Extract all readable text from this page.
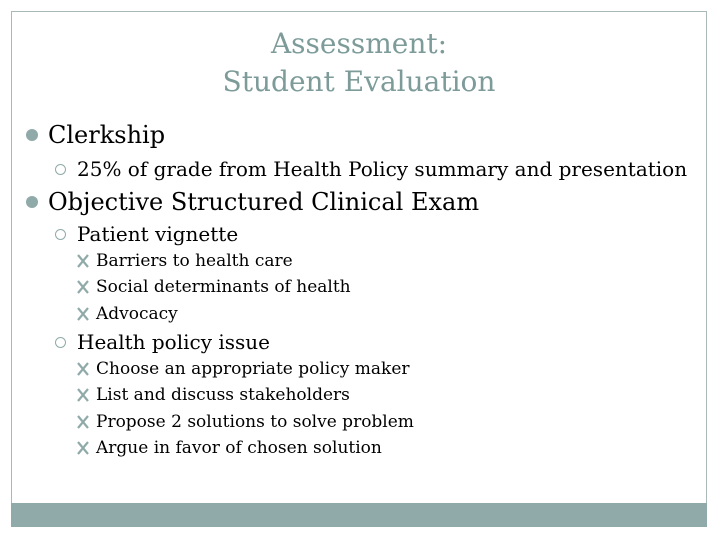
Assessment:
Student Evaluation
Clerkship
25% of grade from Health Policy summary and presentation
Objective Structured Clinical Exam
Patient vignette
Barriers to health care
Social determinants of health
Advocacy
Health policy issue
Choose an appropriate policy maker
List and discuss stakeholders
Propose 2 solutions to solve problem
Argue in favor of chosen solution
